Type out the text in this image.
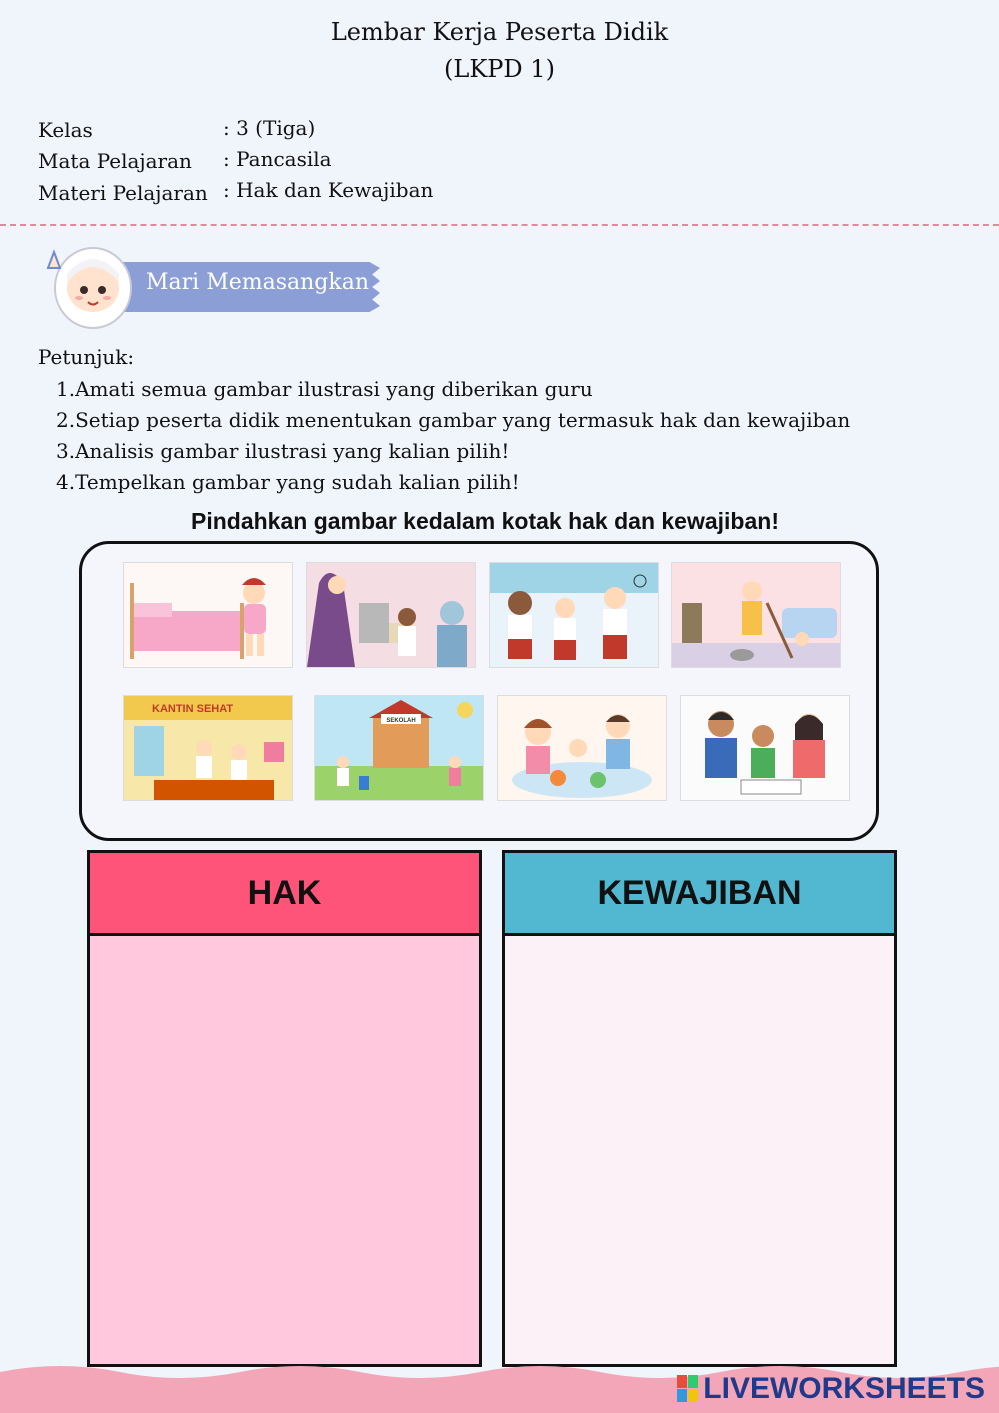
Lembar Kerja Peserta Didik
(LKPD 1)
Kelas	: 3 (Tiga)
Mata Pelajaran : Pancasila
Materi Pelajaran : Hak dan Kewajiban
Mari Memasangkan
Petunjuk:
1.Amati semua gambar ilustrasi yang diberikan guru
2.Setiap peserta didik menentukan gambar yang termasuk hak dan kewajiban
3.Analisis gambar ilustrasi yang kalian pilih!
4.Tempelkan gambar yang sudah kalian pilih!
Pindahkan gambar kedalam kotak hak dan kewajiban!
KANTIN SEHAT
SEKOLAH
HAK	KEWAJIBAN
LIVEWORKSHEETS
